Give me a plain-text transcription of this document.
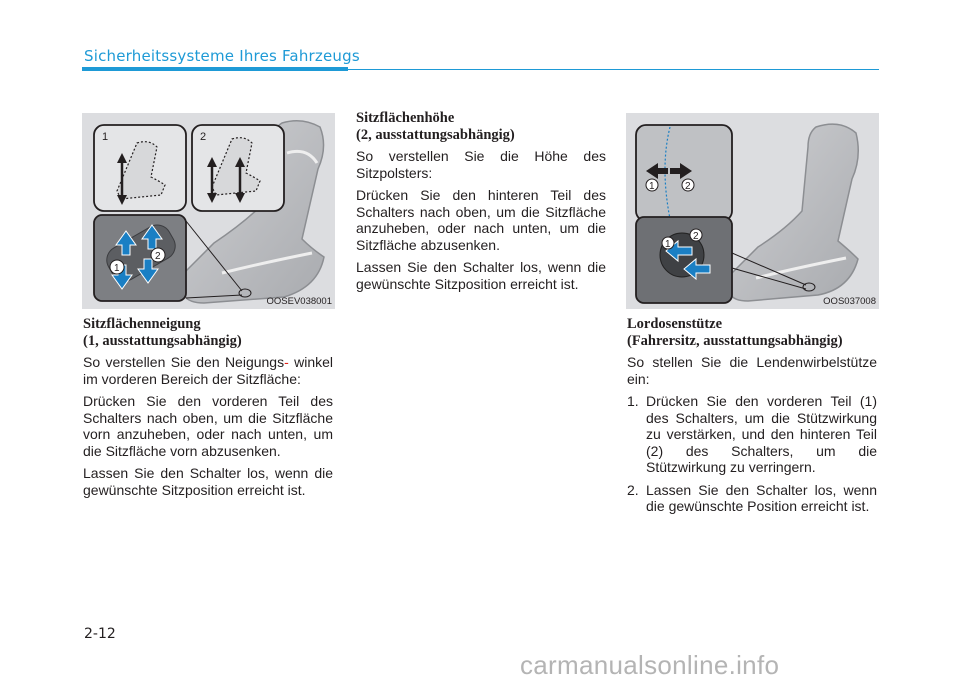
Sicherheitssysteme Ihres Fahrzeugs
1	2
1
2
OOSEV038001
1	2
1
2
OOS037008
Sitzflächenneigung
(1, ausstattungsabhängig)
So verstellen Sie den Neigungs- winkel im vorderen Bereich der Sitzfläche:
Drücken Sie den vorderen Teil des Schalters nach oben, um die Sitzfläche vorn anzuheben, oder nach unten, um die Sitzfläche vorn abzusenken.
Lassen Sie den Schalter los, wenn die gewünschte Sitzposition erreicht ist.
Sitzflächenhöhe
(2, ausstattungsabhängig)
So verstellen Sie die Höhe des Sitzpolsters:
Drücken Sie den hinteren Teil des Schalters nach oben, um die Sitzfläche anzuheben, oder nach unten, um die Sitzfläche abzusenken.
Lassen Sie den Schalter los, wenn die gewünschte Sitzposition erreicht ist.
Lordosenstütze
(Fahrersitz, ausstattungsabhängig)
So stellen Sie die Lendenwirbelstütze ein:
1. Drücken Sie den vorderen Teil (1) des Schalters, um die Stützwirkung zu verstärken, und den hinteren Teil (2) des Schalters, um die Stützwirkung zu verringern.
2. Lassen Sie den Schalter los, wenn die gewünschte Position erreicht ist.
2-12
carmanualsonline.info
